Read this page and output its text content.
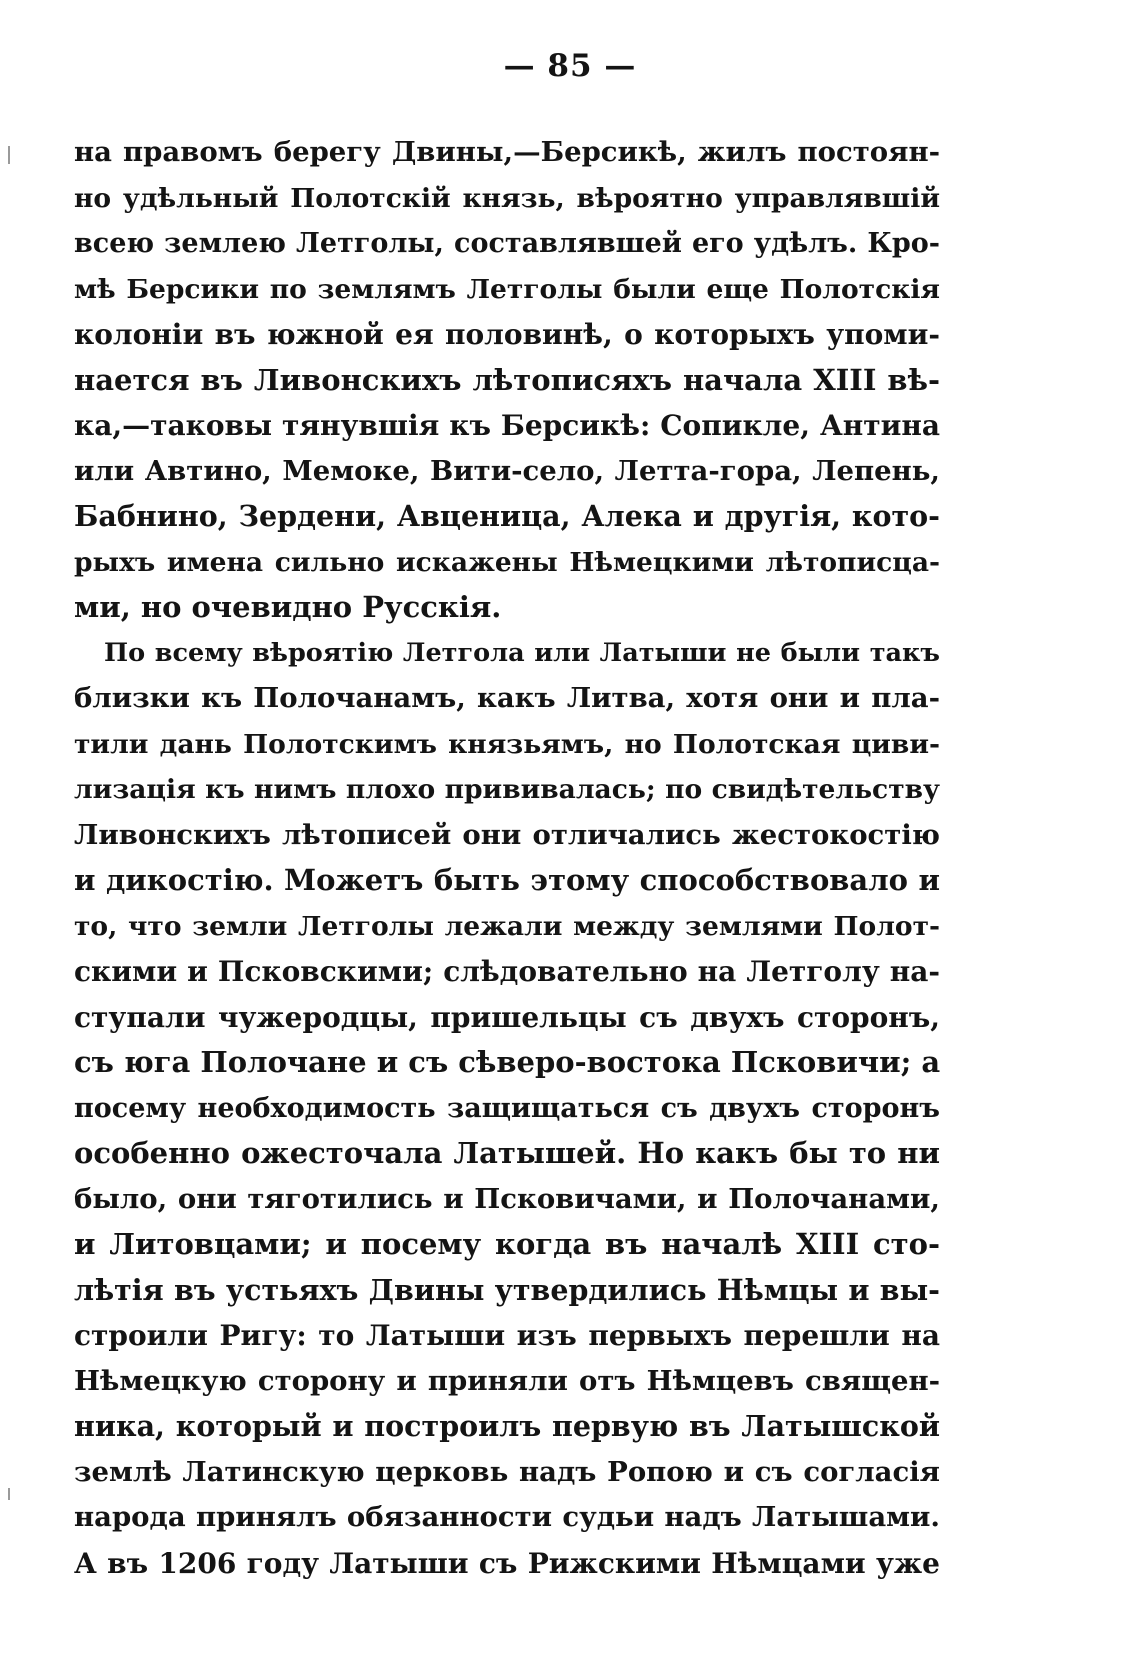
— 85 —
на правомъ берегу Двины,—Берсикѣ, жилъ постоян-
но удѣльный Полотскій князь, вѣроятно управлявшій
всею землею Летголы, составлявшей его удѣлъ. Кро-
мѣ Берсики по землямъ Летголы были еще Полотскія
колоніи въ южной ея половинѣ, о которыхъ упоми-
нается въ Ливонскихъ лѣтописяхъ начала XIII вѣ-
ка,—таковы тянувшія къ Берсикѣ: Сопикле, Антина
или Автино, Мемоке, Вити-село, Летта-гора, Лепень,
Бабнино, Зердени, Авценица, Алека и другія, кото-
рыхъ имена сильно искажены Нѣмецкими лѣтописца-
ми, но очевидно Русскія.
По всему вѣроятію Летгола или Латыши не были такъ
близки къ Полочанамъ, какъ Литва, хотя они и пла-
тили дань Полотскимъ князьямъ, но Полотская циви-
лизація къ нимъ плохо прививалась; по свидѣтельству
Ливонскихъ лѣтописей они отличались жестокостію
и дикостію. Можетъ быть этому способствовало и
то, что земли Летголы лежали между землями Полот-
скими и Псковскими; слѣдовательно на Летголу на-
ступали чужеродцы, пришельцы съ двухъ сторонъ,
съ юга Полочане и съ сѣверо-востока Псковичи; а
посему необходимость защищаться съ двухъ сторонъ
особенно ожесточала Латышей. Но какъ бы то ни
было, они тяготились и Псковичами, и Полочанами,
и Литовцами; и посему когда въ началѣ XIII сто-
лѣтія въ устьяхъ Двины утвердились Нѣмцы и вы-
строили Ригу: то Латыши изъ первыхъ перешли на
Нѣмецкую сторону и приняли отъ Нѣмцевъ священ-
ника, который и построилъ первую въ Латышской
землѣ Латинскую церковь надъ Ропою и съ согласія
народа принялъ обязанности судьи надъ Латышами.
А въ 1206 году Латыши съ Рижскими Нѣмцами уже
